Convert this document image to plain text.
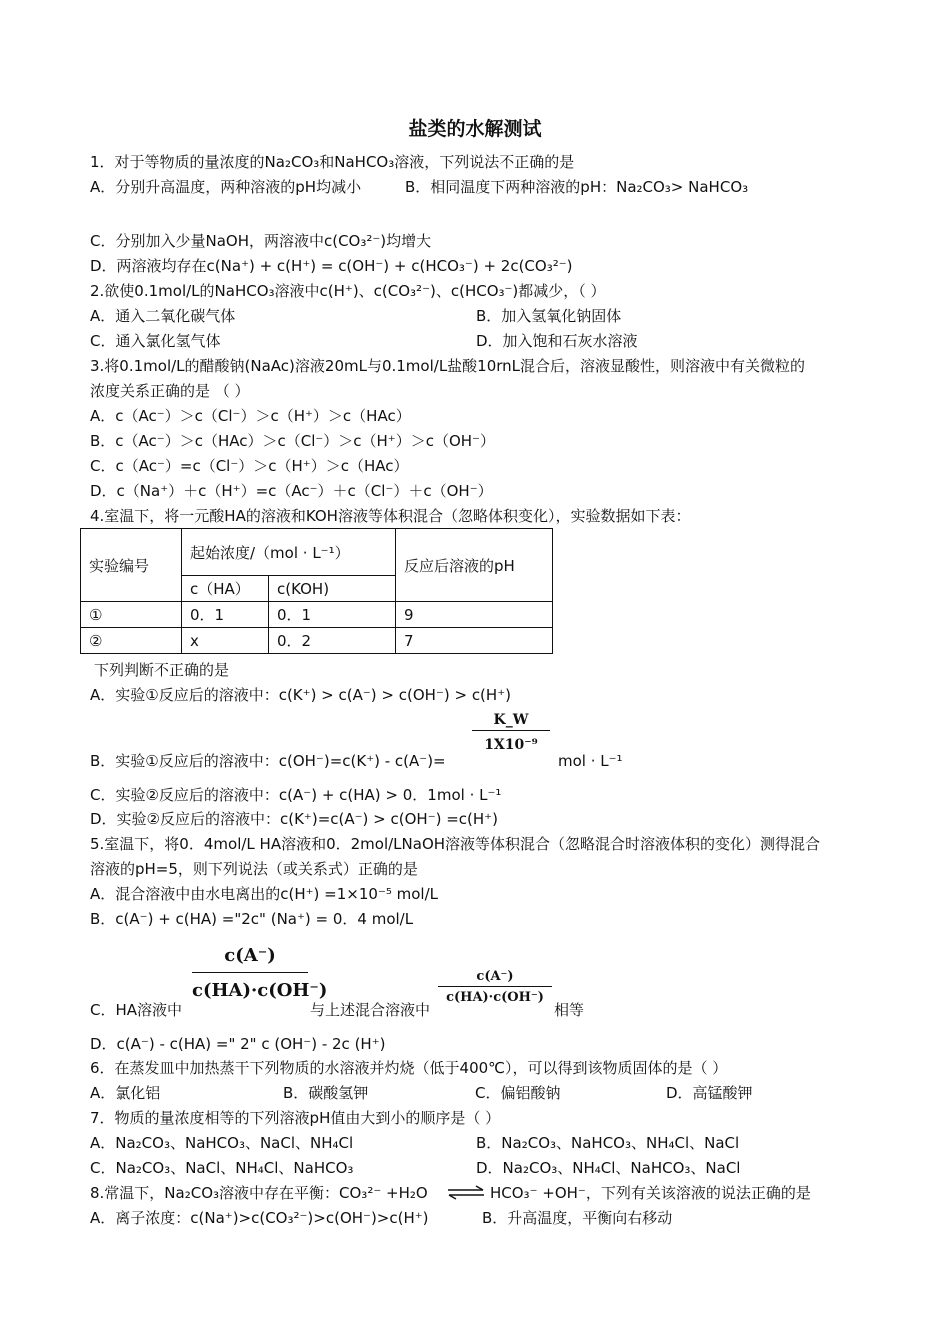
盐类的水解测试
1．对于等物质的量浓度的Na₂CO₃和NaHCO₃溶液，下列说法不正确的是
A．分别升高温度，两种溶液的pH均减小	B．相同温度下两种溶液的pH：Na₂CO₃> NaHCO₃
C．分别加入少量NaOH，两溶液中c(CO₃²⁻)均增大
D．两溶液均存在c(Na⁺) + c(H⁺) = c(OH⁻) + c(HCO₃⁻) + 2c(CO₃²⁻)
2.欲使0.1mol/L的NaHCO₃溶液中c(H⁺)、c(CO₃²⁻)、c(HCO₃⁻)都减少，（ ）
A．通入二氧化碳气体	B．加入氢氧化钠固体
C．通入氯化氢气体	D．加入饱和石灰水溶液
3.将0.1mol/L的醋酸钠(NaAc)溶液20mL与0.1mol/L盐酸10rnL混合后，溶液显酸性，则溶液中有关微粒的
浓度关系正确的是 （ ）
A．c（Ac⁻）＞c（Cl⁻）＞c（H⁺）＞c（HAc）
B．c（Ac⁻）＞c（HAc）＞c（Cl⁻）＞c（H⁺）＞c（OH⁻）
C．c（Ac⁻）=c（Cl⁻）＞c（H⁺）＞c（HAc）
D．c（Na⁺）＋c（H⁺）=c（Ac⁻）＋c（Cl⁻）＋c（OH⁻）
4.室温下，将一元酸HA的溶液和KOH溶液等体积混合（忽略体积变化），实验数据如下表：
实验编号	起始浓度/（mol · L⁻¹）		反应后溶液的pH
	c（HA）	c(KOH)	
①	0．1	0．1	9
②	x	0．2	7
下列判断不正确的是
A．实验①反应后的溶液中：c(K⁺) > c(A⁻) > c(OH⁻) > c(H⁺)
B．实验①反应后的溶液中：c(OH⁻)=c(K⁺) - c(A⁻)=
$\frac{K\_W}{\text{1X10⁻⁹}}$
mol · L⁻¹
C．实验②反应后的溶液中：c(A⁻) + c(HA) > 0．1mol · L⁻¹
D．实验②反应后的溶液中：c(K⁺)=c(A⁻) > c(OH⁻) =c(H⁺)
5.室温下，将0．4mol/L HA溶液和0．2mol/LNaOH溶液等体积混合（忽略混合时溶液体积的变化）测得混合
溶液的pH=5，则下列说法（或关系式）正确的是
A．混合溶液中由水电离出的c(H⁺) =1×10⁻⁵ mol/L
B．c(A⁻) + c(HA) ="2c" (Na⁺) = 0．4 mol/L
C．HA溶液中
$\frac{c(A^-)}{c(HA)\cdot c(OH^-)}$
与上述混合溶液中
$\frac{c(A^-)}{c(HA)\cdot c(OH^-)}$
相等
D．c(A⁻) - c(HA) =" 2" c (OH⁻) - 2c (H⁺)
6．在蒸发皿中加热蒸干下列物质的水溶液并灼烧（低于400℃），可以得到该物质固体的是（ ）
A．氯化铝	B．碳酸氢钾	C．偏铝酸钠	D．高锰酸钾
7．物质的量浓度相等的下列溶液pH值由大到小的顺序是（ ）
A．Na₂CO₃、NaHCO₃、NaCl、NH₄Cl	B．Na₂CO₃、NaHCO₃、NH₄Cl、NaCl
C．Na₂CO₃、NaCl、NH₄Cl、NaHCO₃	D．Na₂CO₃、NH₄Cl、NaHCO₃、NaCl
8.常温下，Na₂CO₃溶液中存在平衡：CO₃²⁻ +H₂O ⇌ HCO₃⁻ +OH⁻，下列有关该溶液的说法正确的是
A．离子浓度：c(Na⁺)>c(CO₃²⁻)>c(OH⁻)>c(H⁺)	B．升高温度，平衡向右移动
